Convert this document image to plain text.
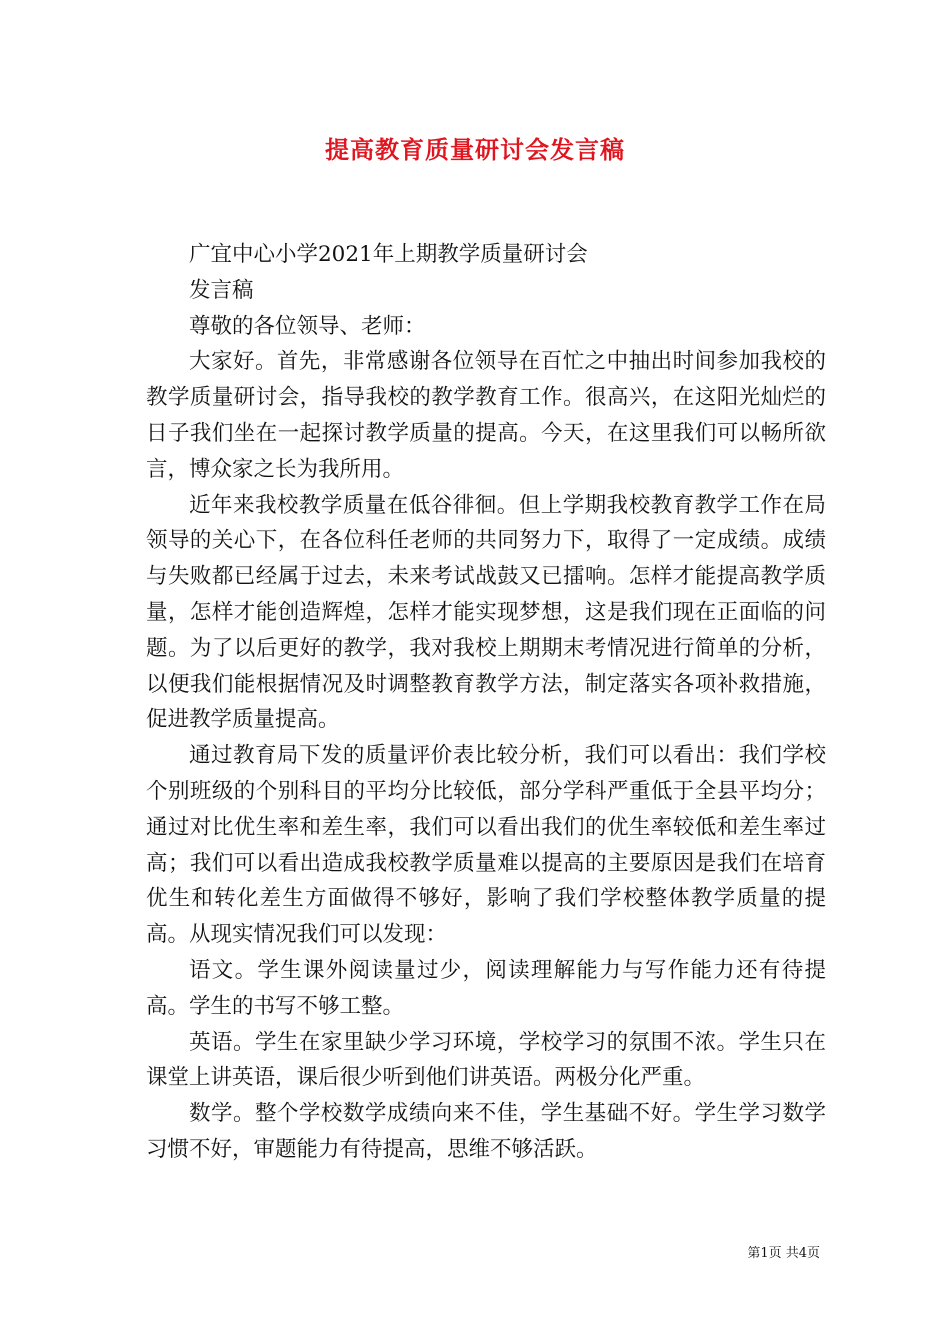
提高教育质量研讨会发言稿

广宜中心小学2021年上期教学质量研讨会

发言稿

尊敬的各位领导、老师：

大家好。首先，非常感谢各位领导在百忙之中抽出时间参加我校的教学质量研讨会，指导我校的教学教育工作。很高兴，在这阳光灿烂的日子我们坐在一起探讨教学质量的提高。今天，在这里我们可以畅所欲言，博众家之长为我所用。

近年来我校教学质量在低谷徘徊。但上学期我校教育教学工作在局领导的关心下，在各位科任老师的共同努力下，取得了一定成绩。成绩与失败都已经属于过去，未来考试战鼓又已擂响。怎样才能提高教学质量，怎样才能创造辉煌，怎样才能实现梦想，这是我们现在正面临的问题。为了以后更好的教学，我对我校上期期末考情况进行简单的分析，以便我们能根据情况及时调整教育教学方法，制定落实各项补救措施，促进教学质量提高。

通过教育局下发的质量评价表比较分析，我们可以看出：我们学校个别班级的个别科目的平均分比较低，部分学科严重低于全县平均分；通过对比优生率和差生率，我们可以看出我们的优生率较低和差生率过高；我们可以看出造成我校教学质量难以提高的主要原因是我们在培育优生和转化差生方面做得不够好，影响了我们学校整体教学质量的提高。从现实情况我们可以发现：

语文。学生课外阅读量过少，阅读理解能力与写作能力还有待提高。学生的书写不够工整。

英语。学生在家里缺少学习环境，学校学习的氛围不浓。学生只在课堂上讲英语，课后很少听到他们讲英语。两极分化严重。

数学。整个学校数学成绩向来不佳，学生基础不好。学生学习数学习惯不好，审题能力有待提高，思维不够活跃。

第1页 共4页
